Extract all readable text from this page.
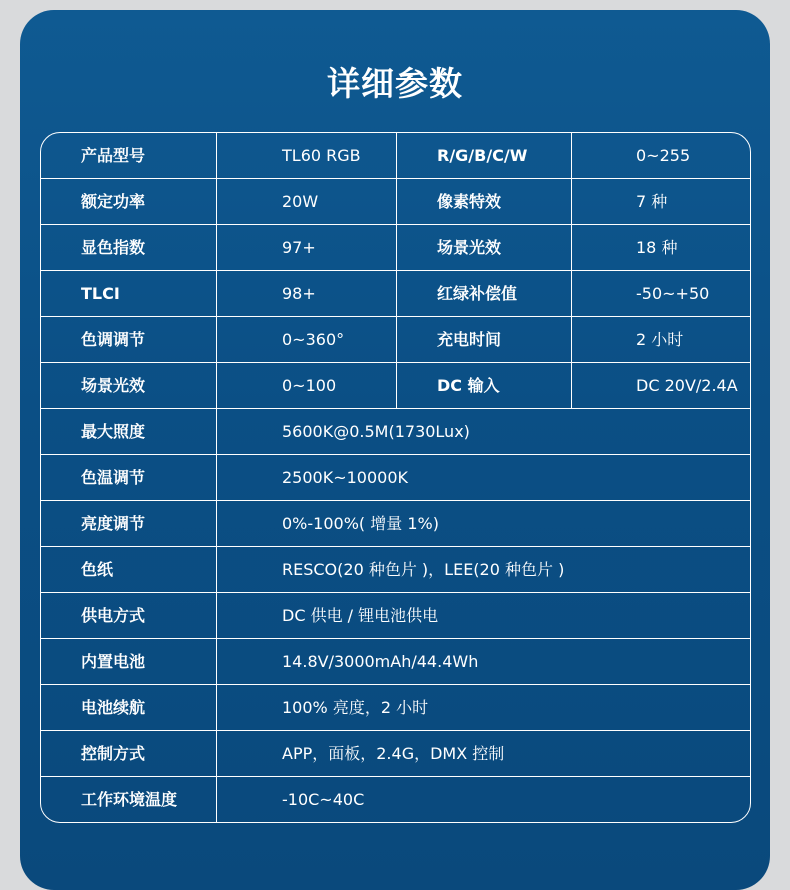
详细参数
产品型号	TL60 RGB	R/G/B/C/W	0~255
额定功率	20W	像素特效	7 种
显色指数	97+	场景光效	18 种
TLCI	98+	红绿补偿值	-50~+50
色调调节	0~360°	充电时间	2 小时
场景光效	0~100	DC 输入	DC 20V/2.4A
最大照度	5600K@0.5M(1730Lux)
色温调节	2500K~10000K
亮度调节	0%-100%( 增量 1%)
色纸	RESCO(20 种色片 )，LEE(20 种色片 )
供电方式	DC 供电 / 锂电池供电
内置电池	14.8V/3000mAh/44.4Wh
电池续航	100% 亮度，2 小时
控制方式	APP，面板，2.4G，DMX 控制
工作环境温度	-10C~40C
